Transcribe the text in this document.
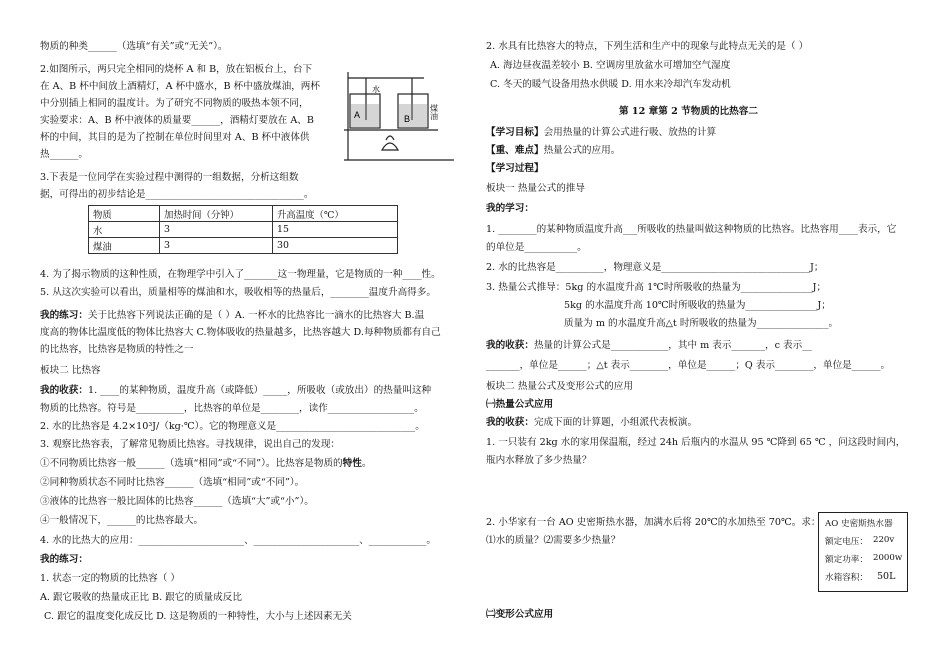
物质的种类______（选填“有关”或“无关”）。
2.如图所示，两只完全相同的烧杯 A 和 B，放在铝板台上，台下
在 A、B 杯中间放上酒精灯，A 杯中盛水，B 杯中盛放煤油，两杯
中分别插上相同的温度计。为了研究不同物质的吸热本领不同，
实验要求：A、B 杯中液体的质量要______，酒精灯要放在 A、B
杯的中间，其目的是为了控制在单位时间里对 A、B 杯中液体供
热______。
3.下表是一位同学在实验过程中测得的一组数据，分析这组数
据，可得出的初步结论是_________________________________。
A	B
水
煤油
物质	加热时间（分钟）	升高温度（℃）
水	3	15
煤油	3	30
4. 为了揭示物质的这种性质，在物理学中引入了_______这一物理量，它是物质的一种____性。
5. 从这次实验可以看出，质量相等的煤油和水，吸收相等的热量后，________温度升高得多。
我的练习：关于比热容下列说法正确的是（ ）A. 一杯水的比热容比一滴水的比热容大 B.温
度高的物体比温度低的物体比热容大 C.物体吸收的热量越多，比热容越大 D.每种物质都有自己
的比热容，比热容是物质的特性之一
板块二 比热容
我的收获：1. ____的某种物质，温度升高（或降低）_____，所吸收（或放出）的热量叫这种
物质的比热容。符号是__________，比热容的单位是________，读作__________________。
2. 水的比热容是 4.2×10³J/（kg·℃）。它的物理意义是_____________________________。
3. 观察比热容表，了解常见物质比热容。寻找规律，说出自己的发现：
①不同物质比热容一般______（选填“相同”或“不同”）。比热容是物质的特性。
②同种物质状态不同时比热容______（选填“相同”或“不同”）。
③液体的比热容一般比固体的比热容______（选填“大”或“小”）。
④一般情况下，______的比热容最大。
4. 水的比热大的应用：______________________、______________________、____________。
我的练习：
1. 状态一定的物质的比热容（ ）
A. 跟它吸收的热量成正比 B. 跟它的质量成反比
C. 跟它的温度变化成反比 D. 这是物质的一种特性，大小与上述因素无关
2. 水具有比热容大的特点，下列生活和生产中的现象与此特点无关的是（ ）
A. 海边昼夜温差较小 B. 空调房里放盆水可增加空气湿度
C. 冬天的暖气设备用热水供暖 D. 用水来冷却汽车发动机
第 12 章第 2 节物质的比热容二
【学习目标】会用热量的计算公式进行吸、放热的计算
【重、难点】热量公式的应用。
【学习过程】
板块一 热量公式的推导
我的学习：
1. ________的某种物质温度升高___所吸收的热量叫做这种物质的比热容。比热容用____表示，它
的单位是___________。
2. 水的比热容是__________，物理意义是_______________________________J；
3. 热量公式推导：5kg 的水温度升高 1℃时所吸收的热量为_______________J；
5kg 的水温度升高 10℃时所吸收的热量为_______________J；
质量为 m 的水温度升高△t 时所吸收的热量为_______________。
我的收获：热量的计算公式是____________，其中 m 表示_______，c 表示__
_______，单位是______；△t 表示________，单位是______；Q 表示________，单位是______。
板块二 热量公式及变形公式的应用
㈠热量公式应用
我的收获：完成下面的计算题，小组派代表板演。
1. 一只装有 2kg 水的家用保温瓶，经过 24h 后瓶内的水温从 95 ℃降到 65 ℃ ，问这段时间内，
瓶内水释放了多少热量？
2. 小华家有一台 AO 史密斯热水器，加满水后将 20℃的水加热至 70℃。求：
⑴水的质量？⑵需要多少热量？
AO 史密斯热水器
额定电压： 220v
额定功率： 2000w
水箱容积： 50L
㈡变形公式应用
